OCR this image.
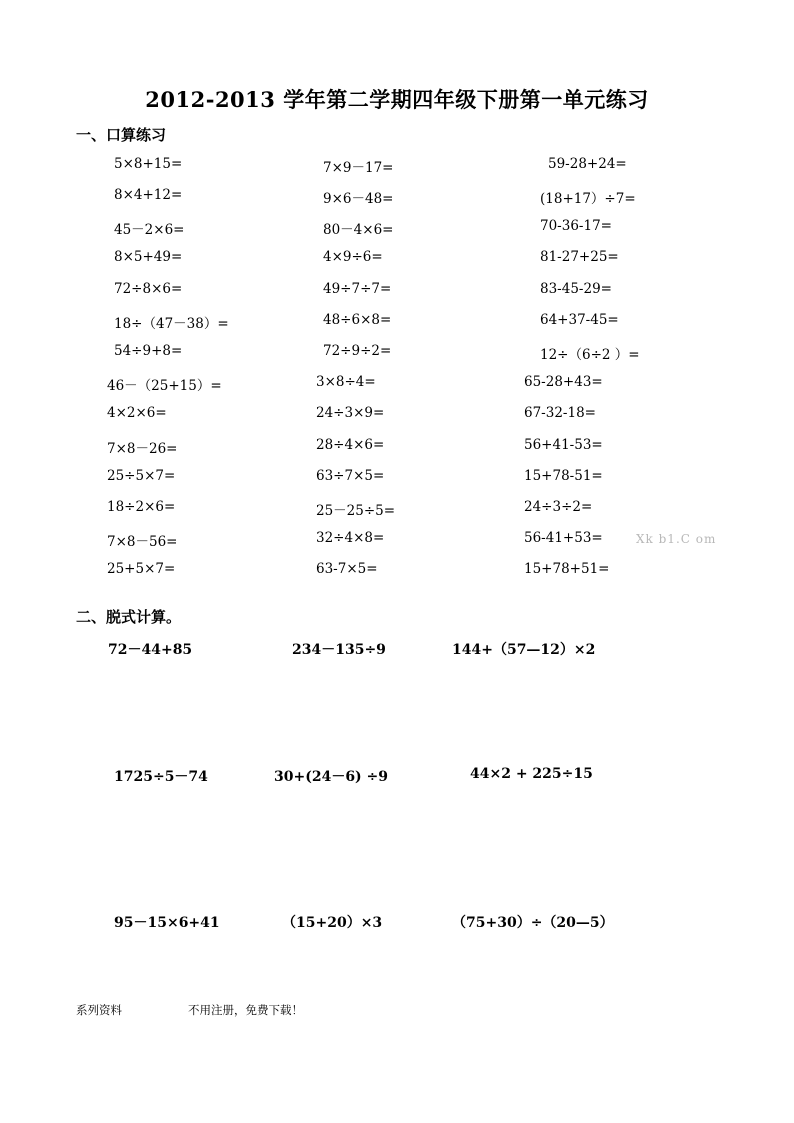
2012-2013 学年第二学期四年级下册第一单元练习
一、口算练习
5×8+15=	7×9－17=	59-28+24=
8×4+12=	9×6－48=	(18+17）÷7=
45－2×6=	80－4×6=	70-36-17=
8×5+49=	4×9÷6=	81-27+25=
72÷8×6=	49÷7÷7=	83-45-29=
18÷（47－38）=	48÷6×8=	64+37-45=
54÷9+8=	72÷9÷2=	12÷（6÷2 ）=
46－（25+15）=	3×8÷4=	65-28+43=
4×2×6=	24÷3×9=	67-32-18=
7×8－26=	28÷4×6=	56+41-53=
25÷5×7=	63÷7×5=	15+78-51=
18÷2×6=	25－25÷5=	24÷3÷2=
7×8－56=	32÷4×8=	56-41+53=
25+5×7=	63-7×5=	15+78+51=
Xk b1.C om
二、脱式计算。
72－44+85	234－135÷9	144+（57—12）×2
1725÷5－74	30+(24－6) ÷9	44×2 + 225÷15
95－15×6+41	（15+20）×3	（75+30）÷（20—5）
系列资料	不用注册，免费下载！
